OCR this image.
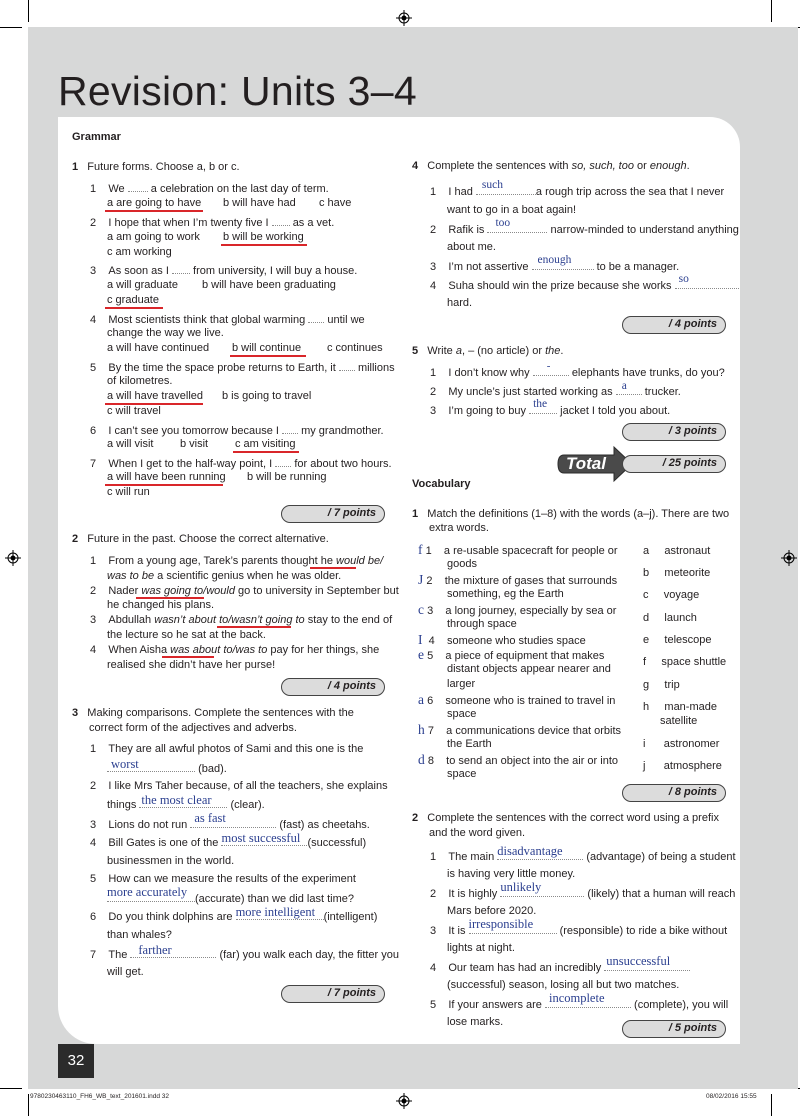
Revision: Units 3–4
Grammar
1 Future forms. Choose a, b or c.
1 We a celebration on the last day of term.
a are going to have b will have had c have
2 I hope that when I’m twenty five I as a vet.
a am going to work b will be working
c am working
3 As soon as I from university, I will buy a house.
a will graduate b will have been graduating
c graduate
4 Most scientists think that global warming until we
change the way we live.
a will have continued b will continue c continues
5 By the time the space probe returns to Earth, it millions
of kilometres.
a will have travelled b is going to travel
c will travel
6 I can’t see you tomorrow because I my grandmother.
a will visit b visit c am visiting
7 When I get to the half-way point, I for about two hours.
a will have been running b will be running
c will run
/ 7 points
2 Future in the past. Choose the correct alternative.
1 From a young age, Tarek’s parents thought he would be/
was to be a scientific genius when he was older.
2 Nader was going to/would go to university in September but
he changed his plans.
3 Abdullah wasn’t about to/wasn’t going to stay to the end of
the lecture so he sat at the back.
4 When Aisha was about to/was to pay for her things, she
realised she didn’t have her purse!
/ 4 points
3 Making comparisons. Complete the sentences with the
correct form of the adjectives and adverbs.
1 They are all awful photos of Sami and this one is the
worst	(bad).
2 I like Mrs Taher because, of all the teachers, she explains
things the most clear (clear).
3 Lions do not run as fast	(fast) as cheetahs.
4 Bill Gates is one of the most successful (successful)
businessmen in the world.
5 How can we measure the results of the experiment
more accurately (accurate) than we did last time?
6 Do you think dolphins are more intelligent (intelligent)
than whales?
7 The farther	(far) you walk each day, the fitter you
will get.
/ 7 points
4 Complete the sentences with so, such, too or enough.
1 I had
such
a rough trip across the sea that I never
want to go in a boat again!
2 Rafik is
too
narrow-minded to understand anything
about me.
3 I’m not assertive
enough
to be a manager.
4 Suha should win the prize because she works
so
hard.
/ 4 points
5 Write a, – (no article) or the.
1 I don’t know why
-
elephants have trunks, do you?
2 My uncle’s just started working as a trucker.
3 I’m going to buy
the
jacket I told you about.
/ 3 points
Total	/ 25 points
Vocabulary
1 Match the definitions (1–8) with the words (a–j). There are two
extra words.
f 1 a re-usable spacecraft for people or
goods
J 2 the mixture of gases that surrounds
something, eg the Earth
c 3 a long journey, especially by sea or
through space
I 4 someone who studies space
e 5 a piece of equipment that makes
distant objects appear nearer and
larger
a 6 someone who is trained to travel in
space
h 7 a communications device that orbits
the Earth
d 8 to send an object into the air or into
space
a astronaut
b meteorite
c voyage
d launch
e telescope
f space shuttle
g trip
h man-made
satellite
i astronomer
j atmosphere
/ 8 points
2 Complete the sentences with the correct word using a prefix
and the word given.
1 The main disadvantage (advantage) of being a student
is having very little money.
2 It is highly unlikely	(likely) that a human will reach
Mars before 2020.
3 It is irresponsible (responsible) to ride a bike without
lights at night.
4 Our team has had an incredibly unsuccessful
(successful) season, losing all but two matches.
5 If your answers are incomplete	(complete), you will
lose marks.	/ 5 points
32
9780230463110_FH6_WB_text_201601.indd 32	08/02/2016 15:55
